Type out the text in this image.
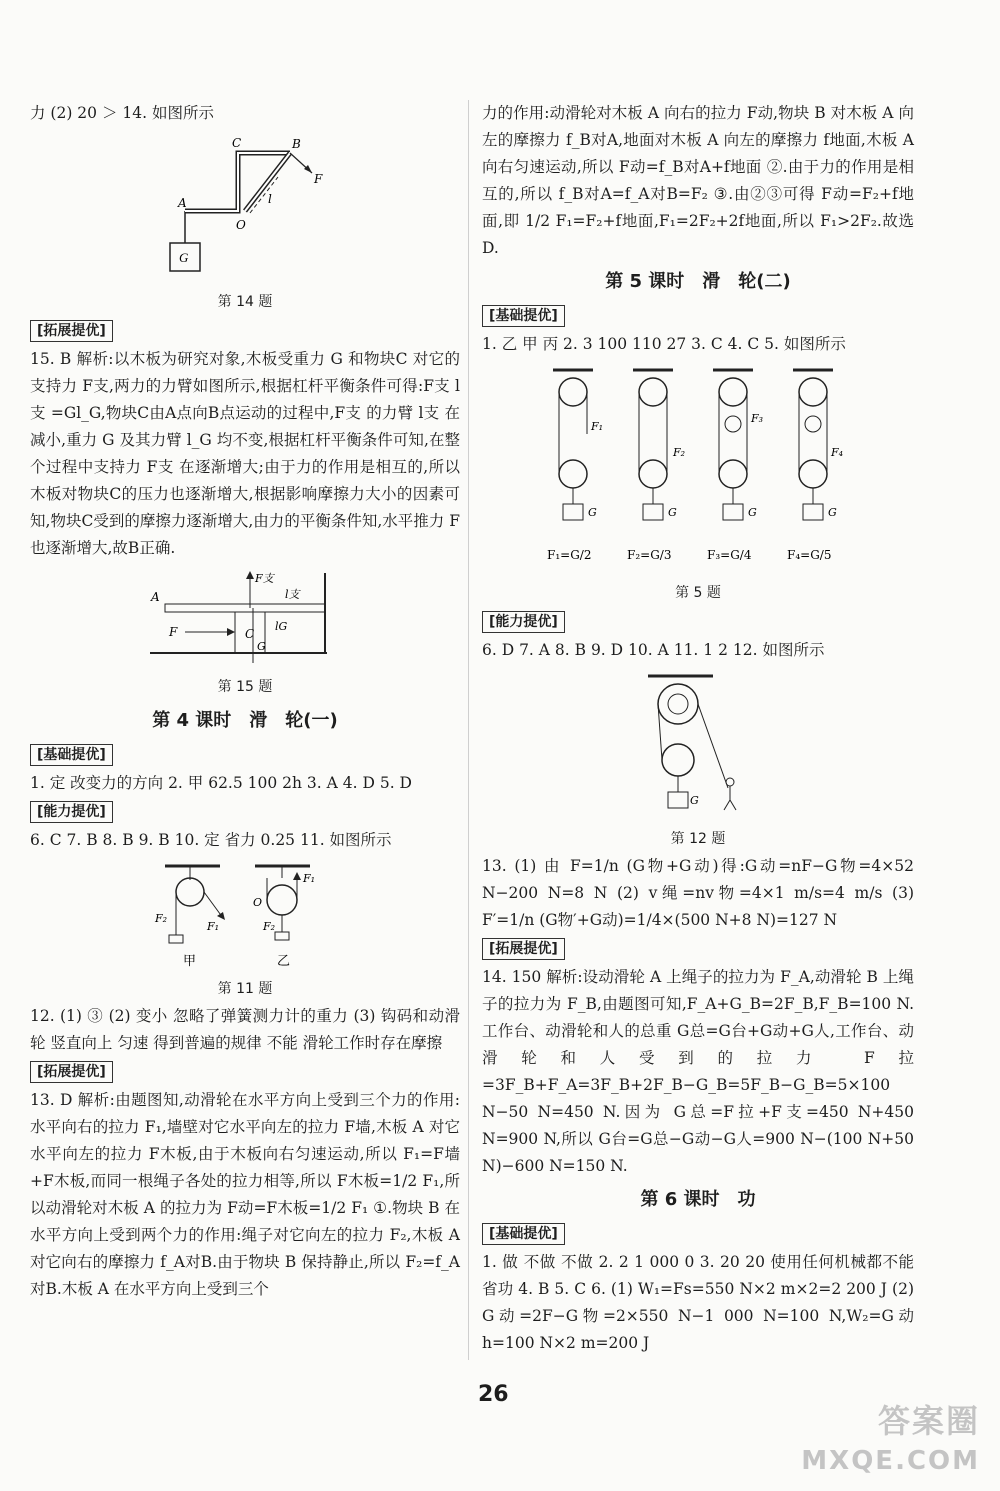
力 (2) 20 ＞ 14. 如图所示

G
A
C	B
F
O
l
第 14 题
[拓展提优]

15. B 解析:以木板为研究对象,木板受重力 G 和物块C 对它的支持力 F支,两力的力臂如图所示,根据杠杆平衡条件可得:F支 l支 =Gl_G,物块C由A点向B点运动的过程中,F支 的力臂 l支 在减小,重力 G 及其力臂 l_G 均不变,根据杠杆平衡条件可知,在整个过程中支持力 F支 在逐渐增大;由于力的作用是相互的,所以木板对物块C的压力也逐渐增大,根据影响摩擦力大小的因素可知,物块C受到的摩擦力逐渐增大,由力的平衡条件知,水平推力 F 也逐渐增大,故B正确.

C
A
F
F支
l支
lG
G
第 15 题
第 4 课时　滑　轮(一)
[基础提优]

1. 定 改变力的方向 2. 甲 62.5 100 2h 3. A 4. D 5. D

[能力提优]

6. C 7. B 8. B 9. B 10. 定 省力 0.25 11. 如图所示

F₂
F₁
甲
O
F₁
F₂
乙
第 11 题

12. (1) ③ (2) 变小 忽略了弹簧测力计的重力 (3) 钩码和动滑轮 竖直向上 匀速 得到普遍的规律 不能 滑轮工作时存在摩擦

[拓展提优]

13. D 解析:由题图知,动滑轮在水平方向上受到三个力的作用:水平向右的拉力 F₁,墙壁对它水平向左的拉力 F墙,木板 A 对它水平向左的拉力 F木板,由于木板向右匀速运动,所以 F₁=F墙+F木板,而同一根绳子各处的拉力相等,所以 F木板=1/2 F₁,所以动滑轮对木板 A 的拉力为 F动=F木板=1/2 F₁ ①.物块 B 在水平方向上受到两个力的作用:绳子对它向左的拉力 F₂,木板 A 对它向右的摩擦力 f_A对B.由于物块 B 保持静止,所以 F₂=f_A对B.木板 A 在水平方向上受到三个

力的作用:动滑轮对木板 A 向右的拉力 F动,物块 B 对木板 A 向左的摩擦力 f_B对A,地面对木板 A 向左的摩擦力 f地面,木板 A 向右匀速运动,所以 F动=f_B对A+f地面 ②.由于力的作用是相互的,所以 f_B对A=f_A对B=F₂ ③.由②③可得 F动=F₂+f地面,即 1/2 F₁=F₂+f地面,F₁=2F₂+2f地面,所以 F₁>2F₂.故选 D.

第 5 课时　滑　轮(二)
[基础提优]

1. 乙 甲 丙 2. 3 100 110 27 3. C 4. C 5. 如图所示

G
F₁
F₁=G/2
G
F₂
F₂=G/3
G
F₃
F₃=G/4
G
F₄
F₄=G/5
第 5 题
[能力提优]

6. D 7. A 8. B 9. D 10. A 11. 1 2 12. 如图所示

G
第 12 题

13. (1) 由 F=1/n (G物+G动)得:G动=nF−G物=4×52 N−200 N=8 N (2) v绳=nv物=4×1 m/s=4 m/s (3) F′=1/n (G物′+G动)=1/4×(500 N+8 N)=127 N

[拓展提优]

14. 150 解析:设动滑轮 A 上绳子的拉力为 F_A,动滑轮 B 上绳子的拉力为 F_B,由题图可知,F_A+G_B=2F_B,F_B=100 N.工作台、动滑轮和人的总重 G总=G台+G动+G人,工作台、动滑轮和人受到的拉力 F拉=3F_B+F_A=3F_B+2F_B−G_B=5F_B−G_B=5×100 N−50 N=450 N.因为 G总=F拉+F支=450 N+450 N=900 N,所以 G台=G总−G动−G人=900 N−(100 N+50 N)−600 N=150 N.

第 6 课时　功
[基础提优]

1. 做 不做 不做 2. 2 1 000 0 3. 20 20 使用任何机械都不能省功 4. B 5. C 6. (1) W₁=Fs=550 N×2 m×2=2 200 J (2) G动=2F−G物=2×550 N−1 000 N=100 N,W₂=G动 h=100 N×2 m=200 J

26
答案圈
MXQE.COM
